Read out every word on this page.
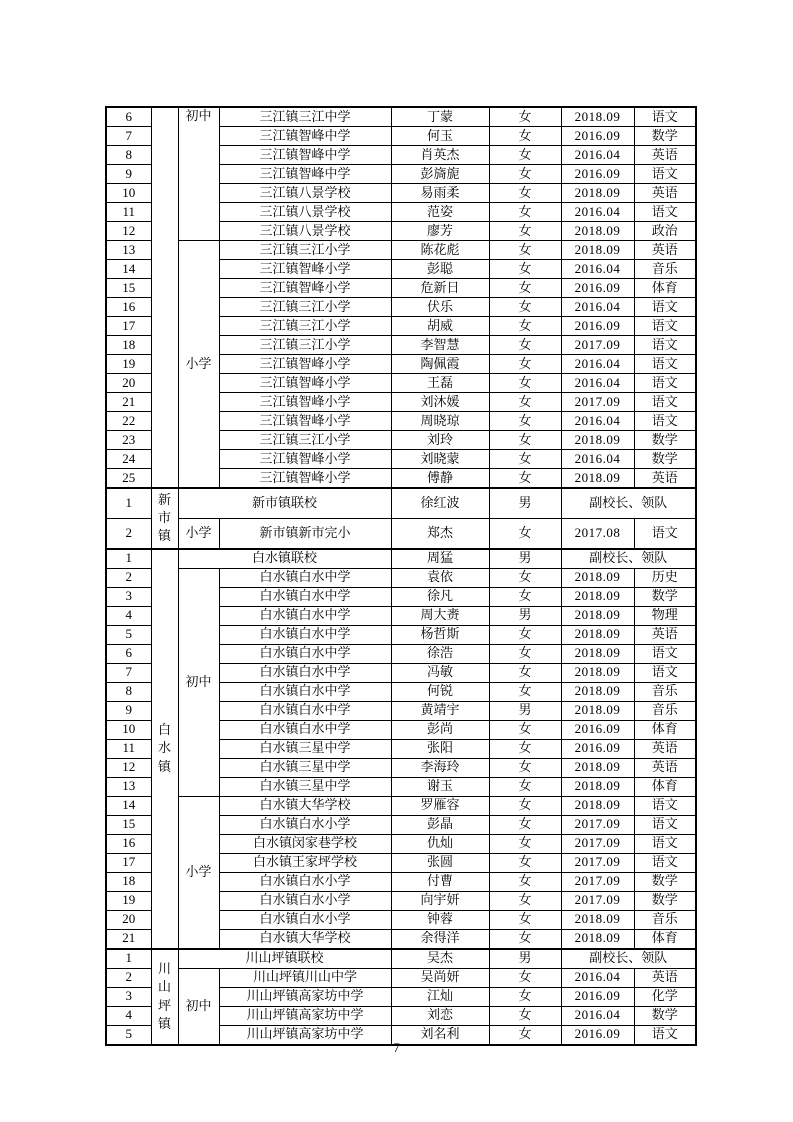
6		初中	三江镇三江中学	丁蒙	女	2018.09	语文
7			三江镇智峰中学	何玉	女	2016.09	数学
8			三江镇智峰中学	肖英杰	女	2016.04	英语
9			三江镇智峰中学	彭旖旎	女	2016.09	语文
10			三江镇八景学校	易雨柔	女	2018.09	英语
11			三江镇八景学校	范姿	女	2016.04	语文
12			三江镇八景学校	廖芳	女	2018.09	政治
13		小学	三江镇三江小学	陈花彪	女	2018.09	英语
14			三江镇智峰小学	彭聪	女	2016.04	音乐
15			三江镇智峰小学	危新日	女	2016.09	体育
16			三江镇三江小学	伏乐	女	2016.04	语文
17			三江镇三江小学	胡威	女	2016.09	语文
18			三江镇三江小学	李智慧	女	2017.09	语文
19			三江镇智峰小学	陶佩霞	女	2016.04	语文
20			三江镇智峰小学	王磊	女	2016.04	语文
21			三江镇智峰小学	刘沐媛	女	2017.09	语文
22			三江镇智峰小学	周晓琼	女	2016.04	语文
23			三江镇三江小学	刘玲	女	2018.09	数学
24			三江镇智峰小学	刘晓蒙	女	2016.04	数学
25			三江镇智峰小学	傅静	女	2018.09	英语
1	新市镇	新市镇联校		徐红波	男	副校长、领队	
2		小学	新市镇新市完小	郑杰	女	2017.08	语文
1	白水镇	白水镇联校		周猛	男	副校长、领队	
2		初中	白水镇白水中学	袁依	女	2018.09	历史
3			白水镇白水中学	徐凡	女	2018.09	数学
4			白水镇白水中学	周大赉	男	2018.09	物理
5			白水镇白水中学	杨哲斯	女	2018.09	英语
6			白水镇白水中学	徐浩	女	2018.09	语文
7			白水镇白水中学	冯敏	女	2018.09	语文
8			白水镇白水中学	何锐	女	2018.09	音乐
9			白水镇白水中学	黄靖宇	男	2018.09	音乐
10			白水镇白水中学	彭尚	女	2016.09	体育
11			白水镇三星中学	张阳	女	2016.09	英语
12			白水镇三星中学	李海玲	女	2018.09	英语
13			白水镇三星中学	谢玉	女	2018.09	体育
14		小学	白水镇大华学校	罗雁容	女	2018.09	语文
15			白水镇白水小学	彭晶	女	2017.09	语文
16			白水镇闵家巷学校	仇灿	女	2017.09	语文
17			白水镇王家坪学校	张圆	女	2017.09	语文
18			白水镇白水小学	付曹	女	2017.09	数学
19			白水镇白水小学	向宇妍	女	2017.09	数学
20			白水镇白水小学	钟蓉	女	2018.09	音乐
21			白水镇大华学校	余得洋	女	2018.09	体育
1	川山坪镇	川山坪镇联校		吴杰	男	副校长、领队	
2		初中	川山坪镇川山中学	吴尚妍	女	2016.04	英语
3			川山坪镇高家坊中学	江灿	女	2016.09	化学
4			川山坪镇高家坊中学	刘恋	女	2016.04	数学
5			川山坪镇高家坊中学	刘名利	女	2016.09	语文
7
